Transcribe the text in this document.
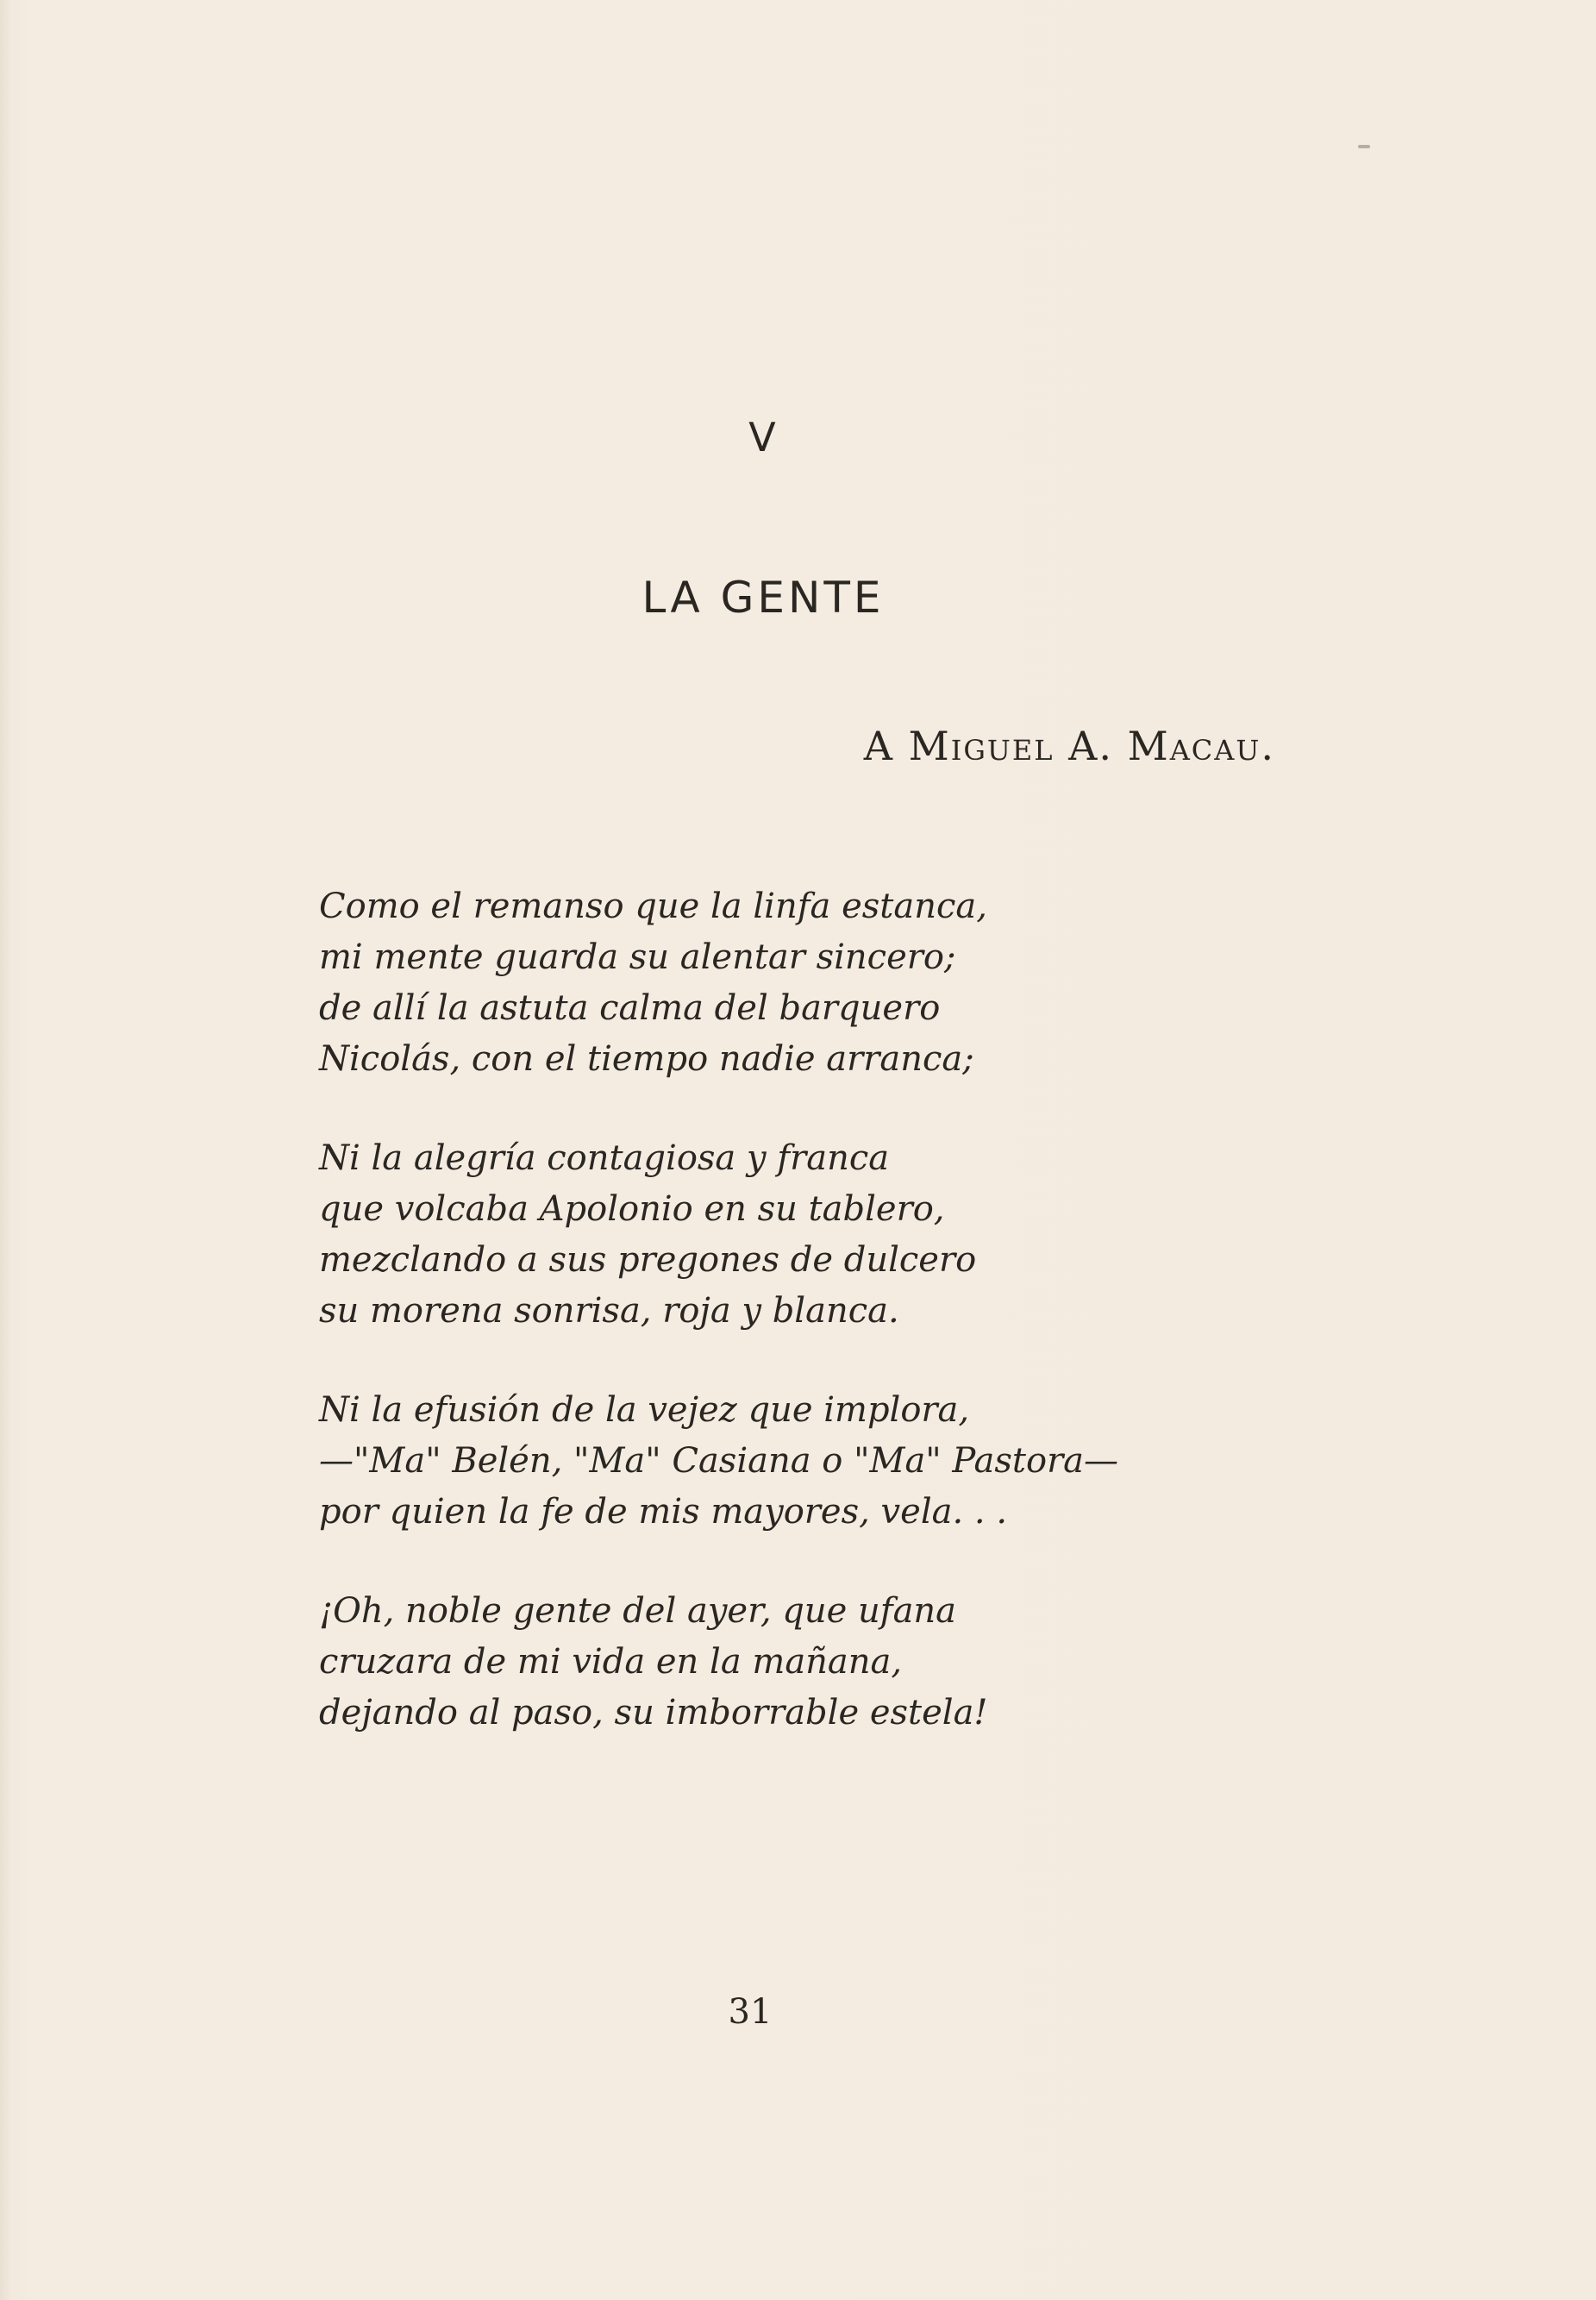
V
LA GENTE
A Miguel A. Macau.
Como el remanso que la linfa estanca,
mi mente guarda su alentar sincero;
de allí la astuta calma del barquero
Nicolás, con el tiempo nadie arranca;
Ni la alegría contagiosa y franca
que volcaba Apolonio en su tablero,
mezclando a sus pregones de dulcero
su morena sonrisa, roja y blanca.
Ni la efusión de la vejez que implora,
—"Ma" Belén, "Ma" Casiana o "Ma" Pastora—
por quien la fe de mis mayores, vela. . .
¡Oh, noble gente del ayer, que ufana
cruzara de mi vida en la mañana,
dejando al paso, su imborrable estela!
31
